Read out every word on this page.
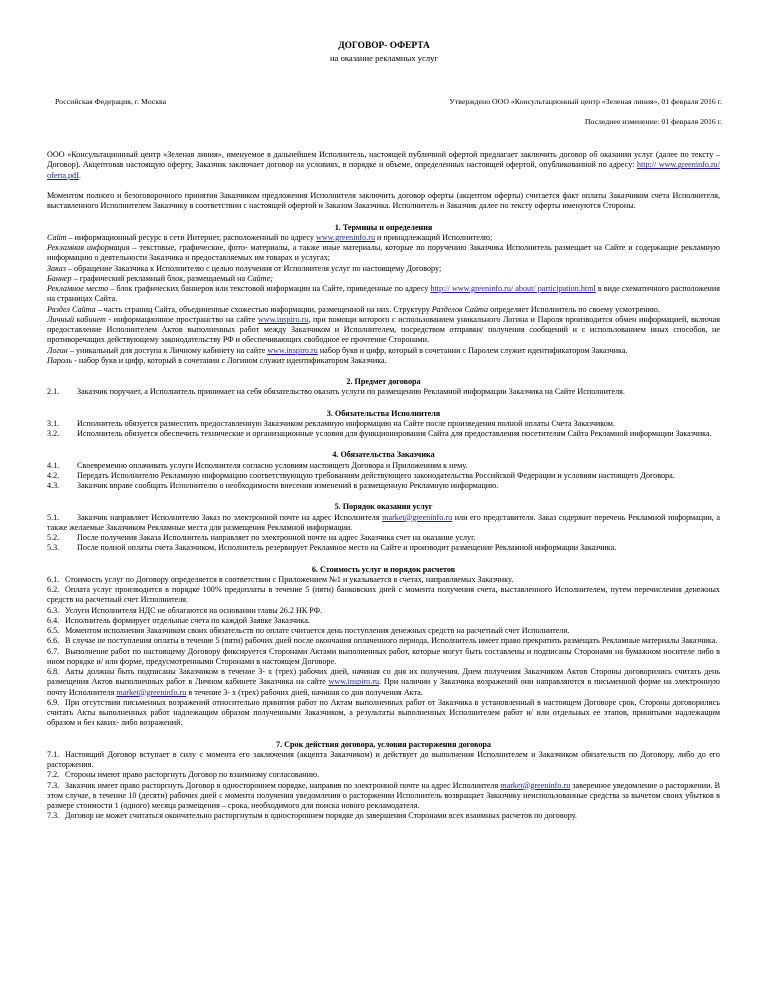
ДОГОВОР- ОФЕРТА
на оказание рекламных услуг
Российская Федерация, г. Москва	Утверждено ООО «Консультационный центр «Зеленая линия», 01 февраля 2016 г.
Последнее изменение: 01 февраля 2016 г.

ООО «Консультационный центр «Зеленая линия», именуемое в дальнейшем Исполнитель, настоящей публичной офертой предлагает заключить договор об оказании услуг (далее по тексту – Договор). Акцептовав настоящую оферту, Заказчик заключает договор на условиях, в порядке и объеме, определенных настоящей офертой, опубликованной по адресу: http:// www.greeninfo.ru/ oferta.pdf.

Моментом полного и безоговорочного принятия Заказчиком предложения Исполнителя заключить договор оферты (акцептом оферты) считается факт оплаты Заказчиком счета Исполнителя, выставленного Исполнителем Заказчику в соответствии с настоящей офертой и Заказом Заказчика. Исполнитель и Заказчик далее по тексту оферты именуются Стороны.

1. Термины и определения

Сайт – информационный ресурс в сети Интернет, расположенный по адресу www.greeninfo.ru и принадлежащий Исполнителю;

Рекламная информация – текстовые, графические, фото- материалы, а также иные материалы, которые по поручению Заказчика Исполнитель размещает на Сайте и содержащие рекламную информацию о деятельности Заказчика и предоставляемых им товарах и услугах;

Заказ – обращение Заказчика к Исполнителю с целью получения от Исполнителя услуг по настоящему Договору;

Баннер – графический рекламный блок, размещаемый на Сайте;

Рекламное место – блок графических баннеров или текстовой информации на Сайте, приведенные по адресу http:// www.greeninfo.ru/ about/ participation.html в виде схематичного расположения на страницах Сайта.

Раздел Сайта – часть страниц Сайта, объединенные схожестью информации, размещенной на них. Структуру Разделов Сайта определяет Исполнитель по своему усмотрению.

Личный кабинет - информационное пространство на сайте www.inspiro.ru, при помощи которого с использованием уникального Логина и Пароля производится обмен информацией, включая предоставление Исполнителем Актов выполненных работ между Заказчиком и Исполнителем, посредством отправки/ получения сообщений и с использованием иных способов, не противоречащих действующему законодательству РФ и обеспечивающих свободное ее прочтение Сторонами.

Логин – уникальный для доступа к Личному кабинету на сайте www.inspiro.ru набор букв и цифр, который в сочетании с Паролем служит идентификатором Заказчика.

Пароль - набор букв и цифр, который в сочетании с Логином служит идентификатором Заказчика.

2. Предмет договора

2.1. Заказчик поручает, а Исполнитель принимает на себя обязательство оказать услуги по размещению Рекламной информации Заказчика на Сайте Исполнителя.

3. Обязательства Исполнителя

3.1. Исполнитель обязуется разместить предоставленную Заказчиком рекламную информацию на Сайте после произведения полной оплаты Счета Заказчиком.

3.2. Исполнитель обязуется обеспечить технические и организационные условия для функционирования Сайта для предоставления посетителям Сайта Рекламной информации Заказчика.

4. Обязательства Заказчика

4.1. Своевременно оплачивать услуги Исполнителя согласно условиям настоящего Договора и Приложениям к нему.

4.2. Передать Исполнителю Рекламную информацию соответствующую требованиям действующего законодательства Российской Федерации и условиям настоящего Договора.

4.3. Заказчик вправе сообщать Исполнителю о необходимости внесения изменений в размещенную Рекламную информацию.

5. Порядок оказания услуг

5.1. Заказчик направляет Исполнителю Заказ по электронной почте на адрес Исполнителя market@greeninfo.ru или его представителя. Заказ содержит перечень Рекламной информации, а также желаемые Заказчиком Рекламные места для размещения Рекламной информации.

5.2. После получения Заказа Исполнитель направляет по электронной почте на адрес Заказчика счет на оказание услуг.

5.3. После полной оплаты счета Заказчиком, Исполнитель резервирует Рекламное место на Сайте и производит размещение Рекламной информации Заказчика.

6. Стоимость услуг и порядок расчетов

6.1. Стоимость услуг по Договору определяется в соответствии с Приложением №1 и указывается в счетах, направляемых Заказчику.

6.2. Оплата услуг производится в порядке 100% предоплаты в течение 5 (пяти) банковских дней с момента получения счета, выставленного Исполнителем, путем перечисления денежных средств на расчетный счет Исполнителя.

6.3. Услуги Исполнителя НДС не облагаются на основании главы 26.2 НК РФ.

6.4. Исполнитель формирует отдельные счета по каждой Заявке Заказчика.

6.5. Моментом исполнения Заказчиком своих обязательств по оплате считается день поступления денежных средств на расчетный счет Исполнителя.

6.6. В случае не поступления оплаты в течение 5 (пяти) рабочих дней после окончания оплаченного периода, Исполнитель имеет право прекратить размещать Рекламные материалы Заказчика.

6.7. Выполнение работ по настоящему Договору фиксируется Сторонами Актами выполненных работ, которые могут быть составлены и подписаны Сторонами на бумажном носителе либо в ином порядке и/ или форме, предусмотренными Сторонами в настоящем Договоре.

6.8. Акты должны быть подписаны Заказчиком в течение 3- х (трех) рабочих дней, начиная со дня их получения. Днем получения Заказчиком Актов Стороны договорились считать день размещения Актов выполненных работ в Личном кабинете Заказчика на сайте www.inspiro.ru. При наличии у Заказчика возражений они направляются в письменной форме на электронную почту Исполнителя market@greeninfo.ru в течение 3- х (трех) рабочих дней, начиная со дня получения Акта.

6.9. При отсутствии письменных возражений относительно принятия работ по Актам выполненных работ от Заказчика в установленный в настоящем Договоре срок, Стороны договорились считать Акты выполненных работ надлежащим образом полученными Заказчиком, а результаты выполненных Исполнителем работ и/ или отдельных ее этапов, принятыми надлежащим образом и без каких- либо возражений.

7. Срок действия договора, условия расторжения договора

7.1. Настоящий Договор вступает в силу с момента его заключения (акцепта Заказчиком) и действует до выполнения Исполнителем и Заказчиком обязательств по Договору, либо до его расторжения.

7.2. Стороны имеют право расторгнуть Договор по взаимному согласованию.

7.3. Заказчик имеет право расторгнуть Договор в одностороннем порядке, направив по электронной почте на адрес Исполнителя market@greeninfo.ru заверенное уведомление о расторжении. В этом случае, в течение 10 (десяти) рабочих дней с момента получения уведомления о расторжении Исполнитель возвращает Заказчику неиспользованные средства за вычетом своих убытков в размере стоимости 1 (одного) месяца размещения – срока, необходимого для поиска нового рекламодателя.

7.3. Договор не может считаться окончательно расторгнутым в одностороннем порядке до завершения Сторонами всех взаимных расчетов по договору.
